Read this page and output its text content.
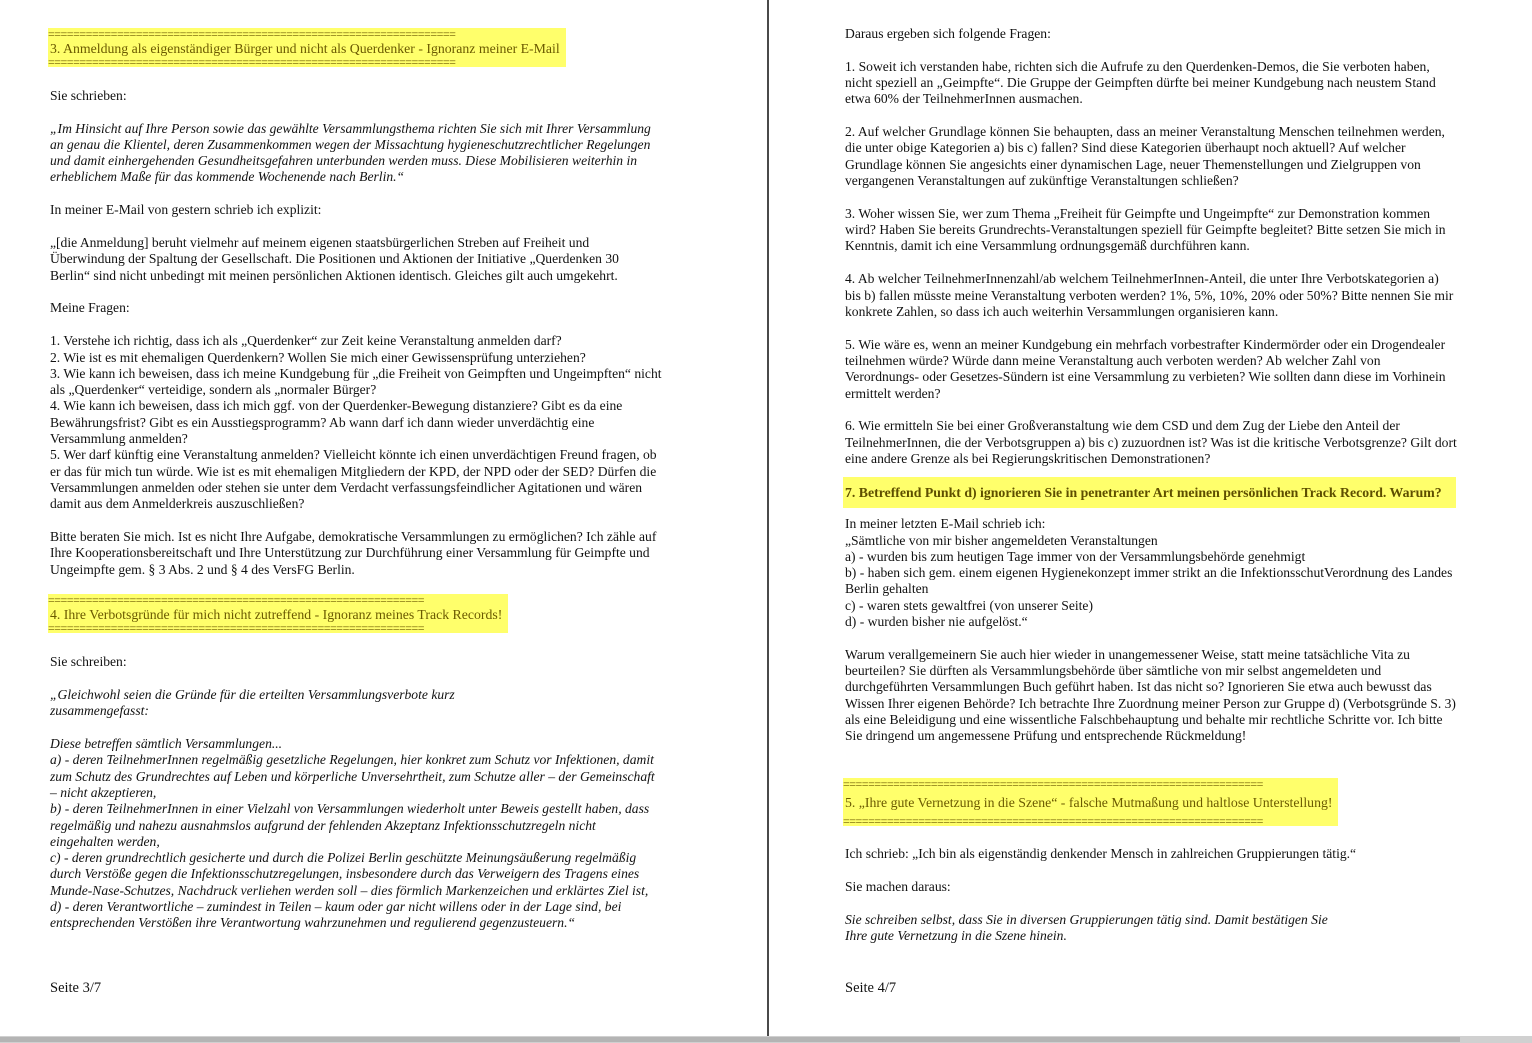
=================================================================
3. Anmeldung als eigenständiger Bürger und nicht als Querdenker - Ignoranz meiner E-Mail
=================================================================

Sie schrieben:

„Im Hinsicht auf Ihre Person sowie das gewählte Versammlungsthema richten Sie sich mit Ihrer Versammlung
an genau die Klientel, deren Zusammenkommen wegen der Missachtung hygieneschutzrechtlicher Regelungen
und damit einhergehenden Gesundheitsgefahren unterbunden werden muss. Diese Mobilisieren weiterhin in
erheblichem Maße für das kommende Wochenende nach Berlin.“

In meiner E-Mail von gestern schrieb ich explizit:

„[die Anmeldung] beruht vielmehr auf meinem eigenen staatsbürgerlichen Streben auf Freiheit und
Überwindung der Spaltung der Gesellschaft. Die Positionen und Aktionen der Initiative „Querdenken 30
Berlin“ sind nicht unbedingt mit meinen persönlichen Aktionen identisch. Gleiches gilt auch umgekehrt.

Meine Fragen:

1. Verstehe ich richtig, dass ich als „Querdenker“ zur Zeit keine Veranstaltung anmelden darf?
2. Wie ist es mit ehemaligen Querdenkern? Wollen Sie mich einer Gewissensprüfung unterziehen?
3. Wie kann ich beweisen, dass ich meine Kundgebung für „die Freiheit von Geimpften und Ungeimpften“ nicht
als „Querdenker“ verteidige, sondern als „normaler Bürger?
4. Wie kann ich beweisen, dass ich mich ggf. von der Querdenker-Bewegung distanziere? Gibt es da eine
Bewährungsfrist? Gibt es ein Ausstiegsprogramm? Ab wann darf ich dann wieder unverdächtig eine
Versammlung anmelden?
5. Wer darf künftig eine Veranstaltung anmelden? Vielleicht könnte ich einen unverdächtigen Freund fragen, ob
er das für mich tun würde. Wie ist es mit ehemaligen Mitgliedern der KPD, der NPD oder der SED? Dürfen die
Versammlungen anmelden oder stehen sie unter dem Verdacht verfassungsfeindlicher Agitationen und wären
damit aus dem Anmelderkreis auszuschließen?

Bitte beraten Sie mich. Ist es nicht Ihre Aufgabe, demokratische Versammlungen zu ermöglichen? Ich zähle auf
Ihre Kooperationsbereitschaft und Ihre Unterstützung zur Durchführung einer Versammlung für Geimpfte und
Ungeimpfte gem. § 3 Abs. 2 und § 4 des VersFG Berlin.

============================================================
4. Ihre Verbotsgründe für mich nicht zutreffend - Ignoranz meines Track Records!
============================================================

Sie schreiben:

„Gleichwohl seien die Gründe für die erteilten Versammlungsverbote kurz
zusammengefasst:

Diese betreffen sämtlich Versammlungen...
a) - deren TeilnehmerInnen regelmäßig gesetzliche Regelungen, hier konkret zum Schutz vor Infektionen, damit
zum Schutz des Grundrechtes auf Leben und körperliche Unversehrtheit, zum Schutze aller – der Gemeinschaft
– nicht akzeptieren,
b) - deren TeilnehmerInnen in einer Vielzahl von Versammlungen wiederholt unter Beweis gestellt haben, dass
regelmäßig und nahezu ausnahmslos aufgrund der fehlenden Akzeptanz Infektionsschutzregeln nicht
eingehalten werden,
c) - deren grundrechtlich gesicherte und durch die Polizei Berlin geschützte Meinungsäußerung regelmäßig
durch Verstöße gegen die Infektionsschutzregelungen, insbesondere durch das Verweigern des Tragens eines
Munde-Nase-Schutzes, Nachdruck verliehen werden soll – dies förmlich Markenzeichen und erklärtes Ziel ist,
d) - deren Verantwortliche – zumindest in Teilen – kaum oder gar nicht willens oder in der Lage sind, bei
entsprechenden Verstößen ihre Verantwortung wahrzunehmen und regulierend gegenzusteuern.“

Seite 3/7

Daraus ergeben sich folgende Fragen:

1. Soweit ich verstanden habe, richten sich die Aufrufe zu den Querdenken-Demos, die Sie verboten haben,
nicht speziell an „Geimpfte“. Die Gruppe der Geimpften dürfte bei meiner Kundgebung nach neustem Stand
etwa 60% der TeilnehmerInnen ausmachen.

2. Auf welcher Grundlage können Sie behaupten, dass an meiner Veranstaltung Menschen teilnehmen werden,
die unter obige Kategorien a) bis c) fallen? Sind diese Kategorien überhaupt noch aktuell? Auf welcher
Grundlage können Sie angesichts einer dynamischen Lage, neuer Themenstellungen und Zielgruppen von
vergangenen Veranstaltungen auf zukünftige Veranstaltungen schließen?

3. Woher wissen Sie, wer zum Thema „Freiheit für Geimpfte und Ungeimpfte“ zur Demonstration kommen
wird? Haben Sie bereits Grundrechts-Veranstaltungen speziell für Geimpfte begleitet? Bitte setzen Sie mich in
Kenntnis, damit ich eine Versammlung ordnungsgemäß durchführen kann.

4. Ab welcher TeilnehmerInnenzahl/ab welchem TeilnehmerInnen-Anteil, die unter Ihre Verbotskategorien a)
bis b) fallen müsste meine Veranstaltung verboten werden? 1%, 5%, 10%, 20% oder 50%? Bitte nennen Sie mir
konkrete Zahlen, so dass ich auch weiterhin Versammlungen organisieren kann.

5. Wie wäre es, wenn an meiner Kundgebung ein mehrfach vorbestrafter Kindermörder oder ein Drogendealer
teilnehmen würde? Würde dann meine Veranstaltung auch verboten werden? Ab welcher Zahl von
Verordnungs- oder Gesetzes-Sündern ist eine Versammlung zu verbieten? Wie sollten dann diese im Vorhinein
ermittelt werden?

6. Wie ermitteln Sie bei einer Großveranstaltung wie dem CSD und dem Zug der Liebe den Anteil der
TeilnehmerInnen, die der Verbotsgruppen a) bis c) zuzuordnen ist? Was ist die kritische Verbotsgrenze? Gilt dort
eine andere Grenze als bei Regierungskritischen Demonstrationen?

7. Betreffend Punkt d) ignorieren Sie in penetranter Art meinen persönlichen Track Record. Warum?

In meiner letzten E-Mail schrieb ich:
„Sämtliche von mir bisher angemeldeten Veranstaltungen
a) - wurden bis zum heutigen Tage immer von der Versammlungsbehörde genehmigt
b) - haben sich gem. einem eigenen Hygienekonzept immer strikt an die InfektionsschutVerordnung des Landes
Berlin gehalten
c) - waren stets gewaltfrei (von unserer Seite)
d) - wurden bisher nie aufgelöst.“

Warum verallgemeinern Sie auch hier wieder in unangemessener Weise, statt meine tatsächliche Vita zu
beurteilen? Sie dürften als Versammlungsbehörde über sämtliche von mir selbst angemeldeten und
durchgeführten Versammlungen Buch geführt haben. Ist das nicht so? Ignorieren Sie etwa auch bewusst das
Wissen Ihrer eigenen Behörde? Ich betrachte Ihre Zuordnung meiner Person zur Gruppe d) (Verbotsgründe S. 3)
als eine Beleidigung und eine wissentliche Falschbehauptung und behalte mir rechtliche Schritte vor. Ich bitte
Sie dringend um angemessene Prüfung und entsprechende Rückmeldung!

===================================================================
5. „Ihre gute Vernetzung in die Szene“ - falsche Mutmaßung und haltlose Unterstellung!
===================================================================

Ich schrieb: „Ich bin als eigenständig denkender Mensch in zahlreichen Gruppierungen tätig.“

Sie machen daraus:

Sie schreiben selbst, dass Sie in diversen Gruppierungen tätig sind. Damit bestätigen Sie
Ihre gute Vernetzung in die Szene hinein.

Seite 4/7
